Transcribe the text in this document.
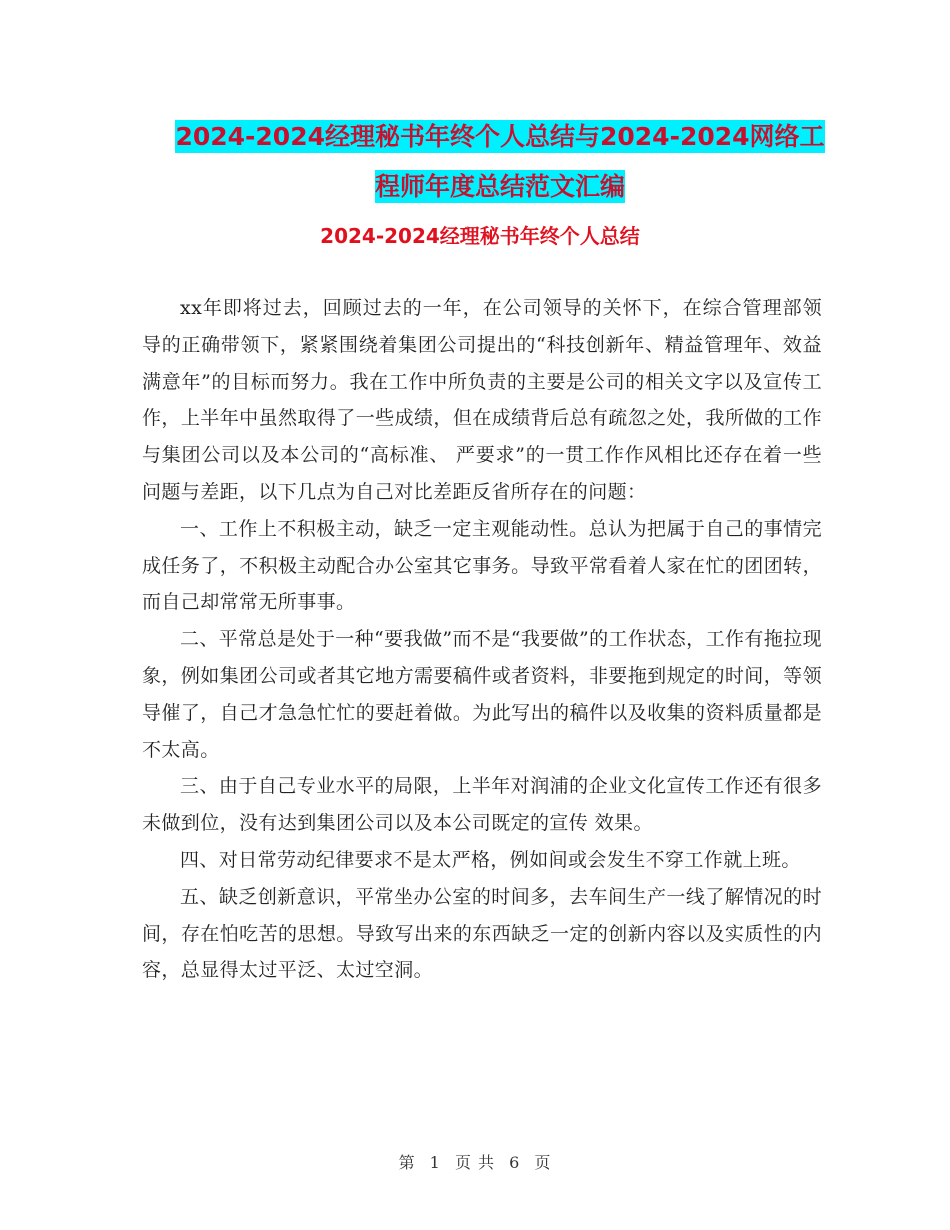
2024-2024经理秘书年终个人总结与2024-2024网络工
程师年度总结范文汇编
2024-2024经理秘书年终个人总结

xx年即将过去，回顾过去的一年，在公司领导的关怀下，在综合管理部领导的正确带领下，紧紧围绕着集团公司提出的“科技创新年、精益管理年、效益满意年”的目标而努力。我在工作中所负责的主要是公司的相关文字以及宣传工作，上半年中虽然取得了一些成绩，但在成绩背后总有疏忽之处，我所做的工作与集团公司以及本公司的“高标准、 严要求”的一贯工作作风相比还存在着一些问题与差距，以下几点为自己对比差距反省所存在的问题：

一、工作上不积极主动，缺乏一定主观能动性。总认为把属于自己的事情完成任务了，不积极主动配合办公室其它事务。导致平常看着人家在忙的团团转，而自己却常常无所事事。

二、平常总是处于一种“要我做”而不是“我要做”的工作状态，工作有拖拉现象，例如集团公司或者其它地方需要稿件或者资料，非要拖到规定的时间，等领导催了，自己才急急忙忙的要赶着做。为此写出的稿件以及收集的资料质量都是不太高。

三、由于自己专业水平的局限，上半年对润浦的企业文化宣传工作还有很多未做到位，没有达到集团公司以及本公司既定的宣传 效果。

四、对日常劳动纪律要求不是太严格，例如间或会发生不穿工作就上班。

五、缺乏创新意识，平常坐办公室的时间多，去车间生产一线了解情况的时间，存在怕吃苦的思想。导致写出来的东西缺乏一定的创新内容以及实质性的内容，总显得太过平泛、太过空洞。

第 1 页 共 6 页
